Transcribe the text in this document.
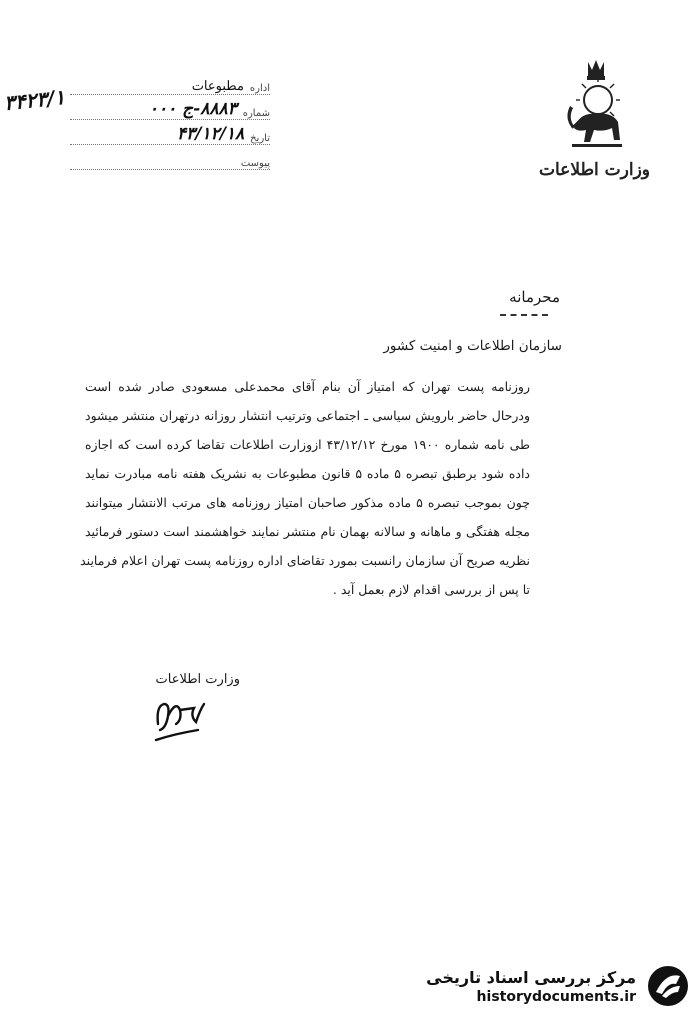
وزارت اطلاعات
۳۴۲۳/۱	اداره
مطبوعات
شماره
۸۸۸۳-ج ۰۰۰
تاریخ
۴۳/۱۲/۱۸
پیوست
محرمانه
سازمان اطلاعات و امنیت کشور
روزنامه پست تهران که امتیاز آن بنام آقای محمدعلی مسعودی صادر شده است
ودرحال حاضر بارویش سیاسی ـ اجتماعی وترتیب انتشار روزانه درتهران منتشر میشود
طی نامه شماره ۱۹۰۰ مورخ ۴۳/۱۲/۱۲ ازوزارت اطلاعات تقاضا کرده است که اجازه
داده شود برطبق تبصره ۵ ماده ۵ قانون مطبوعات به نشریک هفته نامه مبادرت نماید
چون بموجب تبصره ۵ ماده مذکور صاحبان امتیاز روزنامه های مرتب الانتشار میتوانند
مجله هفتگی و ماهانه و سالانه بهمان نام منتشر نمایند خواهشمند است دستور فرمائید
نظریه صریح آن سازمان رانسبت بمورد تقاضای اداره روزنامه پست تهران اعلام فرمایند
تا پس از بررسی اقدام لازم بعمل آید .
وزارت اطلاعات
مرکز بررسی اسناد تاریخی
historydocuments.ir
